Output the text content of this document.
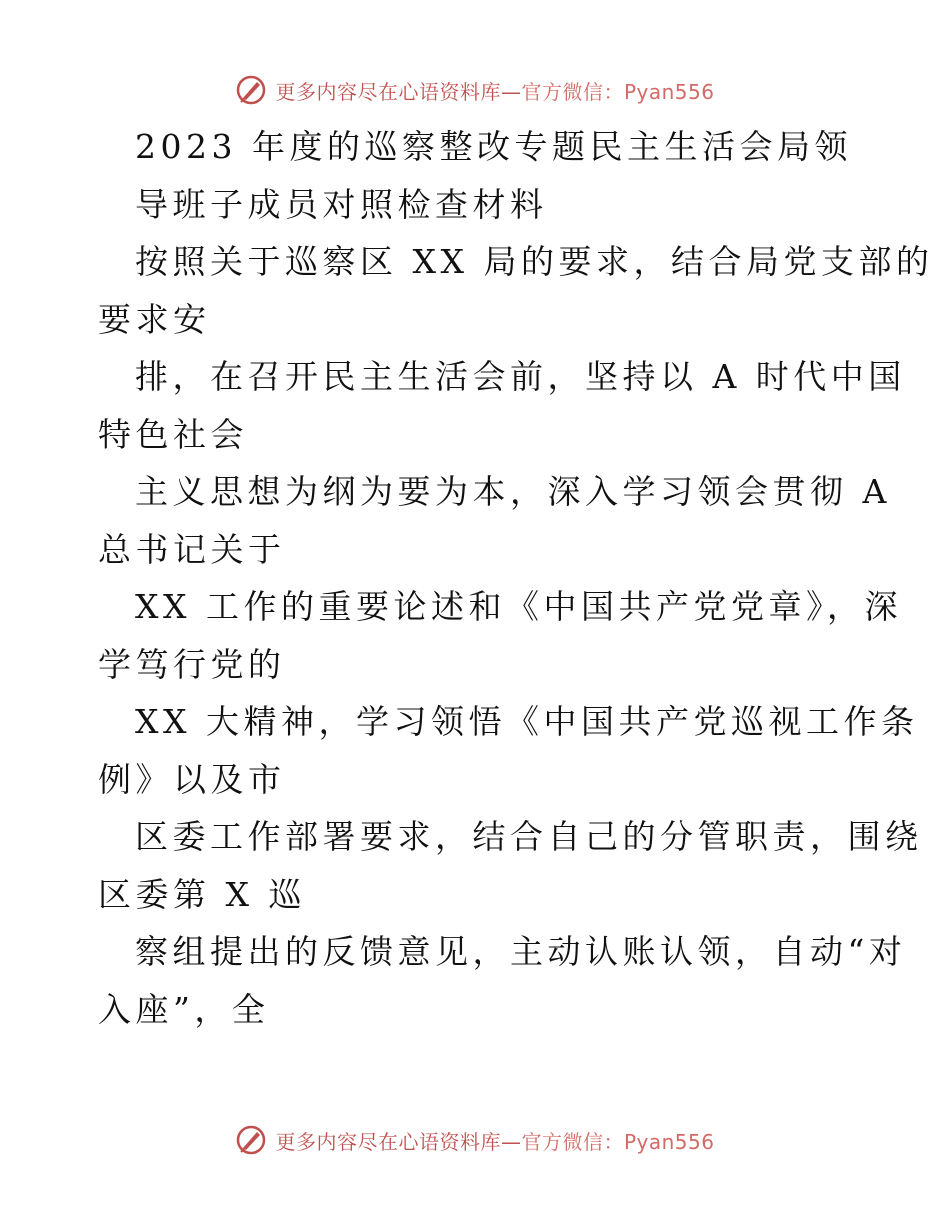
更多内容尽在心语资料库—官方微信：Pyan556
2023 年度的巡察整改专题民主生活会局领
导班子成员对照检查材料
按照关于巡察区 XX 局的要求，结合局党支部的
要求安
排，在召开民主生活会前，坚持以 A 时代中国
特色社会
主义思想为纲为要为本，深入学习领会贯彻 A
总书记关于
XX 工作的重要论述和《中国共产党党章》，深
学笃行党的
XX 大精神，学习领悟《中国共产党巡视工作条
例》以及市
区委工作部署要求，结合自己的分管职责，围绕
区委第 X 巡
察组提出的反馈意见，主动认账认领，自动“对
入座”，全
更多内容尽在心语资料库—官方微信：Pyan556
